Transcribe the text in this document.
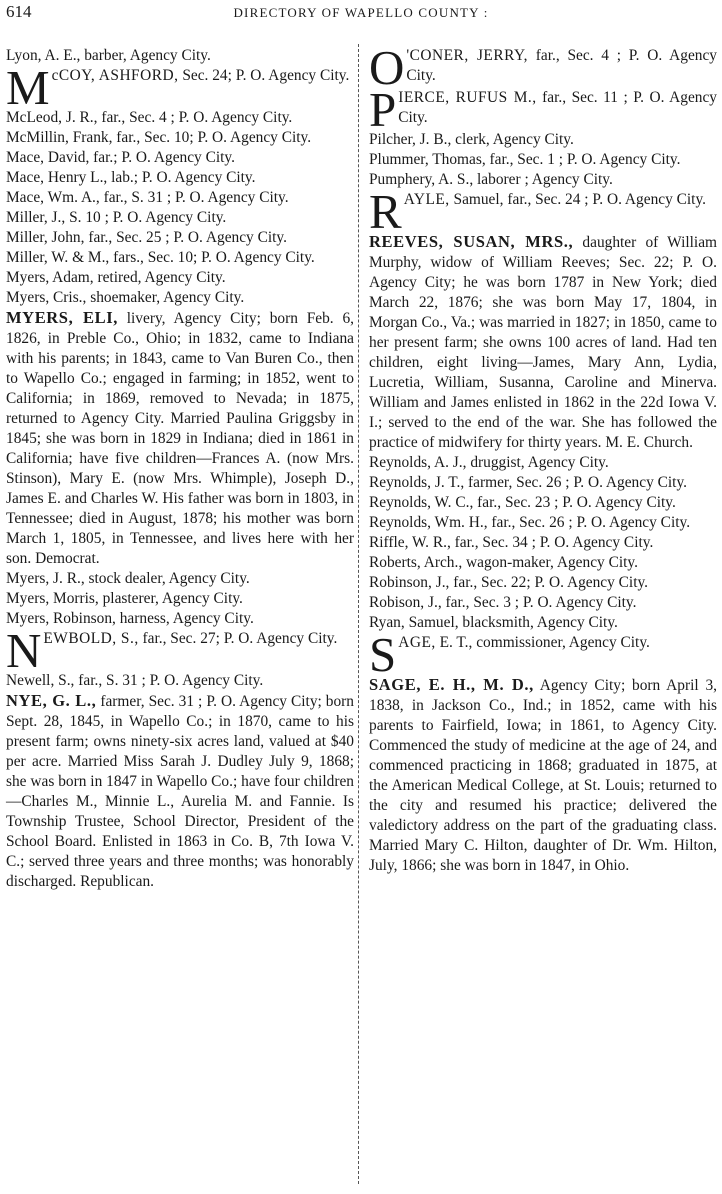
614	DIRECTORY OF WAPELLO COUNTY :
Lyon, A. E., barber, Agency City.
McCOY, ASHFORD, Sec. 24; P. O. Agency City.
McLeod, J. R., far., Sec. 4 ; P. O. Agency City.
McMillin, Frank, far., Sec. 10; P. O. Agency City.
Mace, David, far.; P. O. Agency City.
Mace, Henry L., lab.; P. O. Agency City.
Mace, Wm. A., far., S. 31 ; P. O. Agency City.
Miller, J., S. 10 ; P. O. Agency City.
Miller, John, far., Sec. 25 ; P. O. Agency City.
Miller, W. & M., fars., Sec. 10; P. O. Agency City.
Myers, Adam, retired, Agency City.
Myers, Cris., shoemaker, Agency City.
MYERS, ELI, livery, Agency City; born Feb. 6, 1826, in Preble Co., Ohio; in 1832, came to Indiana with his parents; in 1843, came to Van Buren Co., then to Wapello Co.; engaged in farming; in 1852, went to California; in 1869, removed to Nevada; in 1875, returned to Agency City. Married Paulina Griggsby in 1845; she was born in 1829 in Indiana; died in 1861 in California; have five children—Frances A. (now Mrs. Stinson), Mary E. (now Mrs. Whimple), Joseph D., James E. and Charles W. His father was born in 1803, in Tennessee; died in August, 1878; his mother was born March 1, 1805, in Tennessee, and lives here with her son. Democrat.
Myers, J. R., stock dealer, Agency City.
Myers, Morris, plasterer, Agency City.
Myers, Robinson, harness, Agency City.
NEWBOLD, S., far., Sec. 27; P. O. Agency City.
Newell, S., far., S. 31 ; P. O. Agency City.
NYE, G. L., farmer, Sec. 31 ; P. O. Agency City; born Sept. 28, 1845, in Wapello Co.; in 1870, came to his present farm; owns ninety-six acres land, valued at $40 per acre. Married Miss Sarah J. Dudley July 9, 1868; she was born in 1847 in Wapello Co.; have four children—Charles M., Minnie L., Aurelia M. and Fannie. Is Township Trustee, School Director, President of the School Board. Enlisted in 1863 in Co. B, 7th Iowa V. C.; served three years and three months; was honorably discharged. Republican.
O 'CONER, JERRY, far., Sec. 4 ; P. O. Agency City.
PIERCE, RUFUS M., far., Sec. 11 ; P. O. Agency City.
Pilcher, J. B., clerk, Agency City.
Plummer, Thomas, far., Sec. 1 ; P. O. Agency City.
Pumphery, A. S., laborer ; Agency City.
RAYLE, Samuel, far., Sec. 24 ; P. O. Agency City.
REEVES, SUSAN, MRS., daughter of William Murphy, widow of William Reeves; Sec. 22; P. O. Agency City; he was born 1787 in New York; died March 22, 1876; she was born May 17, 1804, in Morgan Co., Va.; was married in 1827; in 1850, came to her present farm; she owns 100 acres of land. Had ten children, eight living—James, Mary Ann, Lydia, Lucretia, William, Susanna, Caroline and Minerva. William and James enlisted in 1862 in the 22d Iowa V. I.; served to the end of the war. She has followed the practice of midwifery for thirty years. M. E. Church.
Reynolds, A. J., druggist, Agency City.
Reynolds, J. T., farmer, Sec. 26 ; P. O. Agency City.
Reynolds, W. C., far., Sec. 23 ; P. O. Agency City.
Reynolds, Wm. H., far., Sec. 26 ; P. O. Agency City.
Riffle, W. R., far., Sec. 34 ; P. O. Agency City.
Roberts, Arch., wagon-maker, Agency City.
Robinson, J., far., Sec. 22; P. O. Agency City.
Robison, J., far., Sec. 3 ; P. O. Agency City.
Ryan, Samuel, blacksmith, Agency City.
SAGE, E. T., commissioner, Agency City.
SAGE, E. H., M. D., Agency City; born April 3, 1838, in Jackson Co., Ind.; in 1852, came with his parents to Fairfield, Iowa; in 1861, to Agency City. Commenced the study of medicine at the age of 24, and commenced practicing in 1868; graduated in 1875, at the American Medical College, at St. Louis; returned to the city and resumed his practice; delivered the valedictory address on the part of the graduating class. Married Mary C. Hilton, daughter of Dr. Wm. Hilton, July, 1866; she was born in 1847, in Ohio.
